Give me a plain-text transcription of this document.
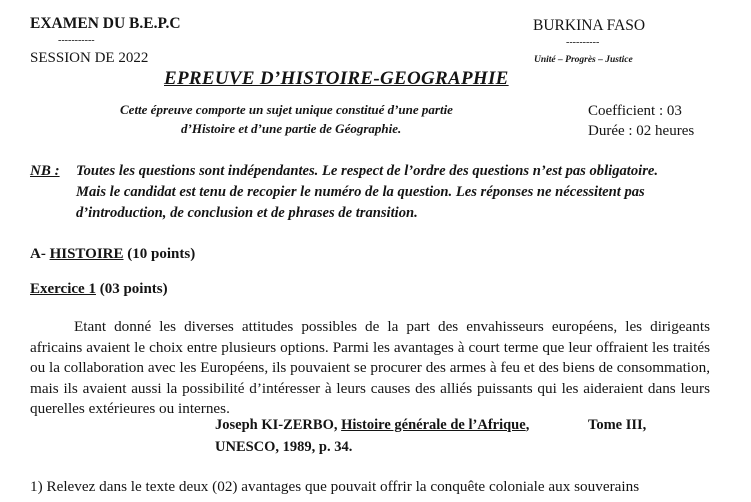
EXAMEN DU B.E.P.C
-----------
SESSION DE 2022
BURKINA FASO
----------
Unité – Progrès – Justice
EPREUVE D’HISTOIRE-GEOGRAPHIE
Cette épreuve comporte un sujet unique constitué d’une partie
d’Histoire et d’une partie de Géographie.
Coefficient : 03
Durée : 02 heures
NB : Toutes les questions sont indépendantes. Le respect de l’ordre des questions n’est pas obligatoire.
Mais le candidat est tenu de recopier le numéro de la question. Les réponses ne nécessitent pas
d’introduction, de conclusion et de phrases de transition.
A- HISTOIRE (10 points)
Exercice 1 (03 points)
Etant donné les diverses attitudes possibles de la part des envahisseurs européens, les dirigeants africains avaient le choix entre plusieurs options. Parmi les avantages à court terme que leur offraient les traités ou la collaboration avec les Européens, ils pouvaient se procurer des armes à feu et des biens de consommation, mais ils avaient aussi la possibilité d’intéresser à leurs causes des alliés puissants qui les aideraient dans leurs querelles extérieures ou internes.
Joseph KI-ZERBO, Histoire générale de l’Afrique,	Tome III,
UNESCO, 1989, p. 34.
1) Relevez dans le texte deux (02) avantages que pouvait offrir la conquête coloniale aux souverains
